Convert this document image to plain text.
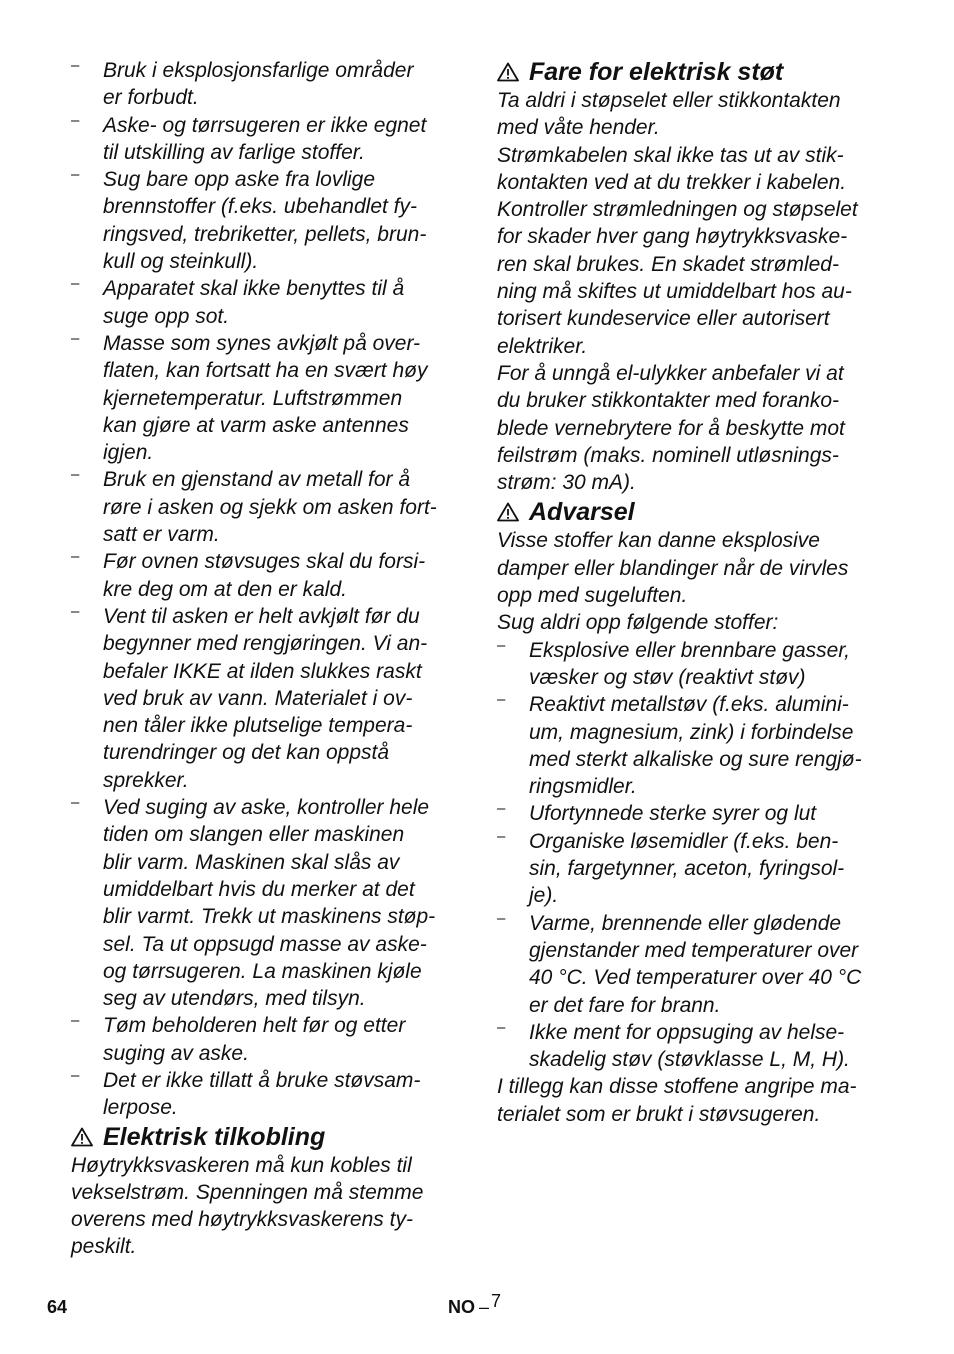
–
Bruk i eksplosjonsfarlige områder
er forbudt.
–
Aske- og tørrsugeren er ikke egnet
til utskilling av farlige stoffer.
–
Sug bare opp aske fra lovlige
brennstoffer (f.eks. ubehandlet fy-
ringsved, trebriketter, pellets, brun-
kull og steinkull).
–
Apparatet skal ikke benyttes til å
suge opp sot.
–
Masse som synes avkjølt på over-
flaten, kan fortsatt ha en svært høy
kjernetemperatur. Luftstrømmen
kan gjøre at varm aske antennes
igjen.
–
Bruk en gjenstand av metall for å
røre i asken og sjekk om asken fort-
satt er varm.
–
Før ovnen støvsuges skal du forsi-
kre deg om at den er kald.
–
Vent til asken er helt avkjølt før du
begynner med rengjøringen. Vi an-
befaler IKKE at ilden slukkes raskt
ved bruk av vann. Materialet i ov-
nen tåler ikke plutselige tempera-
turendringer og det kan oppstå
sprekker.
–
Ved suging av aske, kontroller hele
tiden om slangen eller maskinen
blir varm. Maskinen skal slås av
umiddelbart hvis du merker at det
blir varmt. Trekk ut maskinens støp-
sel. Ta ut oppsugd masse av aske-
og tørrsugeren. La maskinen kjøle
seg av utendørs, med tilsyn.
–
Tøm beholderen helt før og etter
suging av aske.
–
Det er ikke tillatt å bruke støvsam-
lerpose.
Elektrisk tilkobling

Høytrykksvaskeren må kun kobles til
vekselstrøm. Spenningen må stemme
overens med høytrykksvaskerens ty-
peskilt.

Fare for elektrisk støt

Ta aldri i støpselet eller stikkontakten
med våte hender.

Strømkabelen skal ikke tas ut av stik-
kontakten ved at du trekker i kabelen.

Kontroller strømledningen og støpselet
for skader hver gang høytrykksvaske-
ren skal brukes. En skadet strømled-
ning må skiftes ut umiddelbart hos au-
torisert kundeservice eller autorisert
elektriker.

For å unngå el-ulykker anbefaler vi at
du bruker stikkontakter med foranko-
blede vernebrytere for å beskytte mot
feilstrøm (maks. nominell utløsnings-
strøm: 30 mA).

Advarsel

Visse stoffer kan danne eksplosive
damper eller blandinger når de virvles
opp med sugeluften.

Sug aldri opp følgende stoffer:

–
Eksplosive eller brennbare gasser,
væsker og støv (reaktivt støv)
–
Reaktivt metallstøv (f.eks. alumini-
um, magnesium, zink) i forbindelse
med sterkt alkaliske og sure rengjø-
ringsmidler.
–
Ufortynnede sterke syrer og lut
–
Organiske løsemidler (f.eks. ben-
sin, fargetynner, aceton, fyringsol-
je).
–
Varme, brennende eller glødende
gjenstander med temperaturer over
40 °C. Ved temperaturer over 40 °C
er det fare for brann.
–
Ikke ment for oppsuging av helse-
skadelig støv (støvklasse L, M, H).

I tillegg kan disse stoffene angripe ma-
terialet som er brukt i støvsugeren.

64	NO – 7
